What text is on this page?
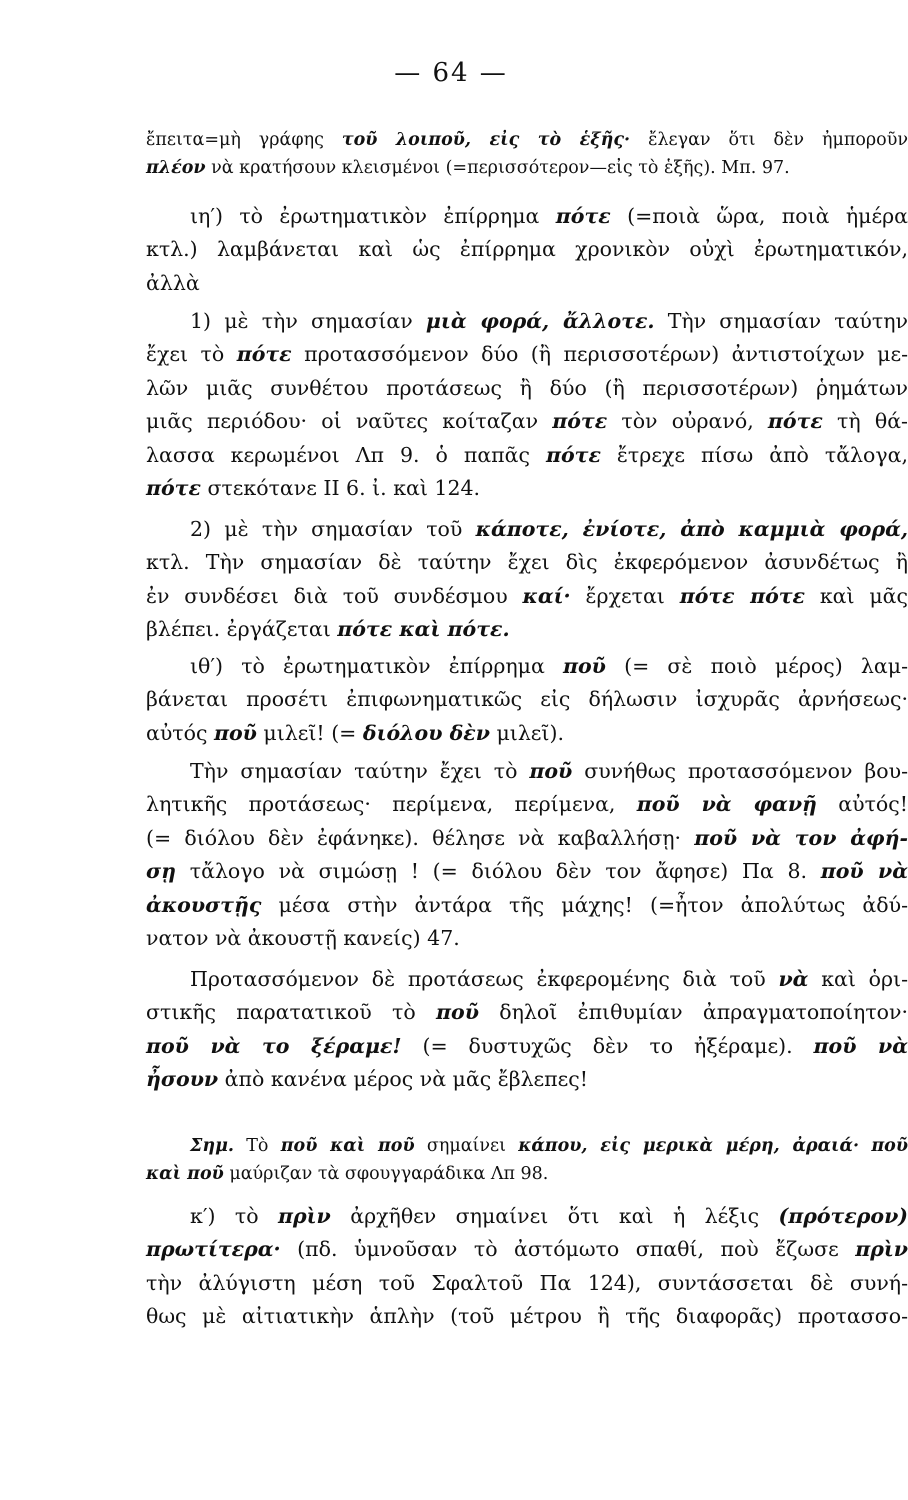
— 64 —
ἔπειτα=μὴ γράφης τοῦ λοιποῦ, εἰς τὸ ἑξῆς· ἔλεγαν ὅτι δὲν ἠμποροῦν
πλέον νὰ κρατήσουν κλεισμένοι (=περισσότερον—εἰς τὸ ἑξῆς). Μπ. 97.
ιη′) τὸ ἐρωτηματικὸν ἐπίρρημα πότε (=ποιὰ ὥρα, ποιὰ ἡμέρα
κτλ.) λαμβάνεται καὶ ὡς ἐπίρρημα χρονικὸν οὐχὶ ἐρωτηματικόν,
ἀλλὰ
1) μὲ τὴν σημασίαν μιὰ φορά, ἄλλοτε. Τὴν σημασίαν ταύτην
ἔχει τὸ πότε προτασσόμενον δύο (ἢ περισσοτέρων) ἀντιστοίχων με-
λῶν μιᾶς συνθέτου προτάσεως ἢ δύο (ἢ περισσοτέρων) ῥημάτων
μιᾶς περιόδου· οἱ ναῦτες κοίταζαν πότε τὸν οὐρανό, πότε τὴ θά-
λασσα κερωμένοι Λπ 9. ὁ παπᾶς πότε ἔτρεχε πίσω ἀπὸ τἄλογα,
πότε στεκότανε ΙΙ 6. ἰ. καὶ 124.
2) μὲ τὴν σημασίαν τοῦ κάποτε, ἐνίοτε, ἀπὸ καμμιὰ φορά,
κτλ. Τὴν σημασίαν δὲ ταύτην ἔχει δὶς ἐκφερόμενον ἀσυνδέτως ἢ
ἐν συνδέσει διὰ τοῦ συνδέσμου καί· ἔρχεται πότε πότε καὶ μᾶς
βλέπει. ἐργάζεται πότε καὶ πότε.
ιθ′) τὸ ἐρωτηματικὸν ἐπίρρημα ποῦ (= σὲ ποιὸ μέρος) λαμ-
βάνεται προσέτι ἐπιφωνηματικῶς εἰς δήλωσιν ἰσχυρᾶς ἀρνήσεως·
αὐτός ποῦ μιλεῖ! (= διόλου δὲν μιλεῖ).
Τὴν σημασίαν ταύτην ἔχει τὸ ποῦ συνήθως προτασσόμενον βου-
λητικῆς προτάσεως· περίμενα, περίμενα, ποῦ νὰ φανῇ αὐτός!
(= διόλου δὲν ἐφάνηκε). θέλησε νὰ καβαλλήσῃ· ποῦ νὰ τον ἀφή-
σῃ τἄλογο νὰ σιμώσῃ ! (= διόλου δὲν τον ἄφησε) Πα 8. ποῦ νὰ
ἀκουστῇς μέσα στὴν ἀντάρα τῆς μάχης! (=ἦτον ἀπολύτως ἀδύ-
νατον νὰ ἀκουστῇ κανείς) 47.
Προτασσόμενον δὲ προτάσεως ἐκφερομένης διὰ τοῦ νὰ καὶ ὁρι-
στικῆς παρατατικοῦ τὸ ποῦ δηλοῖ ἐπιθυμίαν ἀπραγματοποίητον·
ποῦ νὰ το ξέραμε! (= δυστυχῶς δὲν το ἠξέραμε). ποῦ νὰ
ἦσουν ἀπὸ κανένα μέρος νὰ μᾶς ἔβλεπες!
Σημ. Τὸ ποῦ καὶ ποῦ σημαίνει κάπου, εἰς μερικὰ μέρη, ἀραιά· ποῦ
καὶ ποῦ μαύριζαν τὰ σφουγγαράδικα Λπ 98.
κ′) τὸ πρὶν ἀρχῆθεν σημαίνει ὅτι καὶ ἡ λέξις (πρότερον)
πρωτίτερα· (πδ. ὑμνοῦσαν τὸ ἀστόμωτο σπαθί, ποὺ ἔζωσε πρὶν
τὴν ἀλύγιστη μέση τοῦ Σφαλτοῦ Πα 124), συντάσσεται δὲ συνή-
θως μὲ αἰτιατικὴν ἁπλὴν (τοῦ μέτρου ἢ τῆς διαφορᾶς) προτασσο-
